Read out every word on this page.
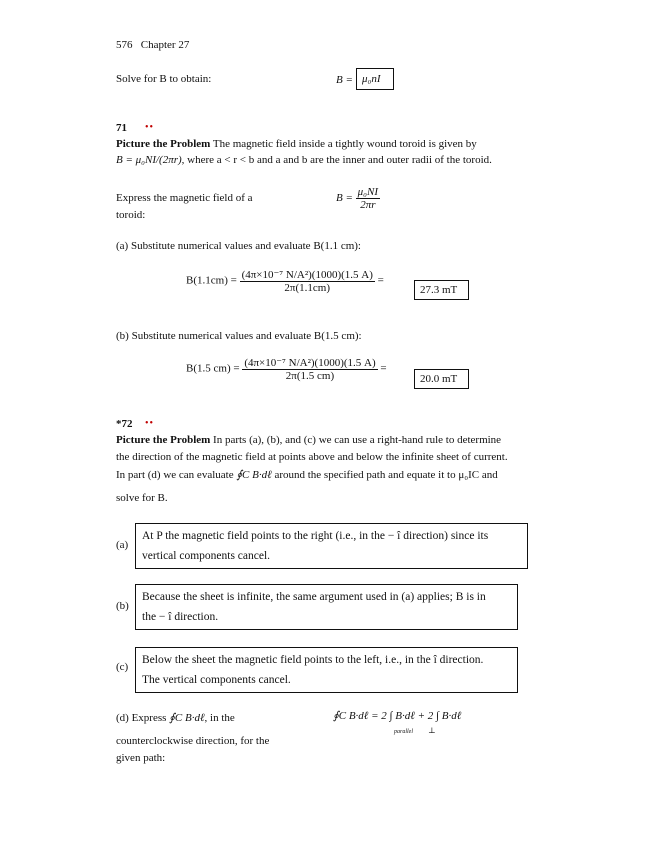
576 Chapter 27
Solve for B to obtain:	B = μ₀nI
71 ••
Picture the Problem The magnetic field inside a tightly wound toroid is given by
B = μ₀NI/(2πr), where a < r < b and a and b are the inner and outer radii of the toroid.
Express the magnetic field of a
toroid:
$B = \frac{\text{μ₀NI}}{2\pi r}$
(a) Substitute numerical values and evaluate B(1.1 cm):
$B(1.1cm) = \frac{\text{(4π×10⁻⁷ N/A²)(1000)(1.5 A)}}{2\pi(1.1cm)}$ =
27.3 mT
(b) Substitute numerical values and evaluate B(1.5 cm):
B(1.5 $cm) = \frac{\text{(4π×10⁻⁷ N/A²)(1000)(1.5 A)}}{2\pi(1.5 cm)}$ =
20.0 mT
*72 ••
Picture the Problem In parts (a), (b), and (c) we can use a right-hand rule to determine
the direction of the magnetic field at points above and below the infinite sheet of current.
In part (d) we can evaluate ∮C B·dℓ around the specified path and equate it to μ₀IC and
solve for B.
(a)
At P the magnetic field points to the right (i.e., in the − î direction) since its
vertical components cancel.
(b)
Because the sheet is infinite, the same argument used in (a) applies; B is in
the − î direction.
(c)
Below the sheet the magnetic field points to the left, i.e., in the î direction.
The vertical components cancel.
(d) Express ∮C B·dℓ, in the
counterclockwise direction, for the
given path:
∮C B·dℓ = 2 ∫ B·dℓ + 2 ∫ B·dℓ
parallel ⊥
